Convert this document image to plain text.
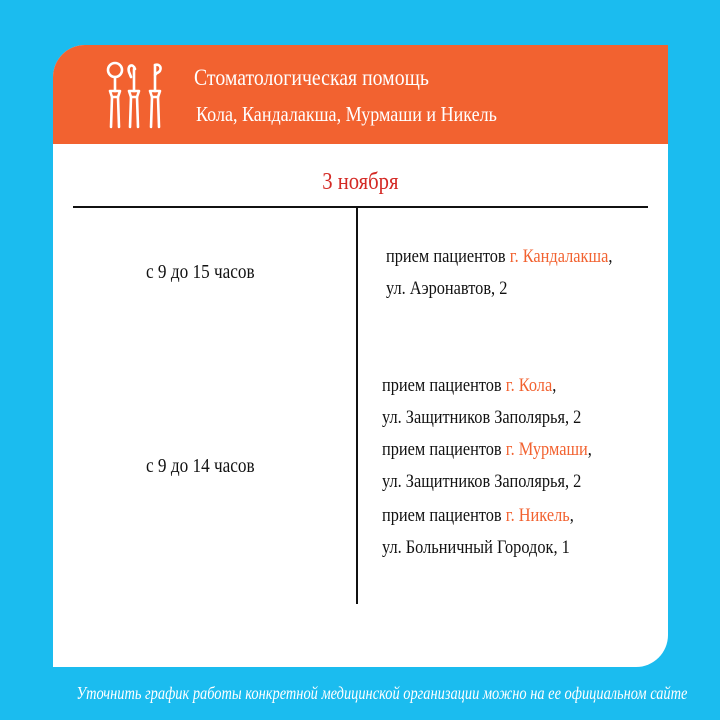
Стоматологическая помощь
Кола, Кандалакша, Мурмаши и Никель
3 ноября
с 9 до 15 часов
прием пациентов г. Кандалакша,
ул. Аэронавтов, 2
с 9 до 14 часов
прием пациентов г. Кола,
ул. Защитников Заполярья, 2
прием пациентов г. Мурмаши,
ул. Защитников Заполярья, 2
прием пациентов г. Никель,
ул. Больничный Городок, 1
Уточнить график работы конкретной медицинской организации можно на ее официальном сайте
